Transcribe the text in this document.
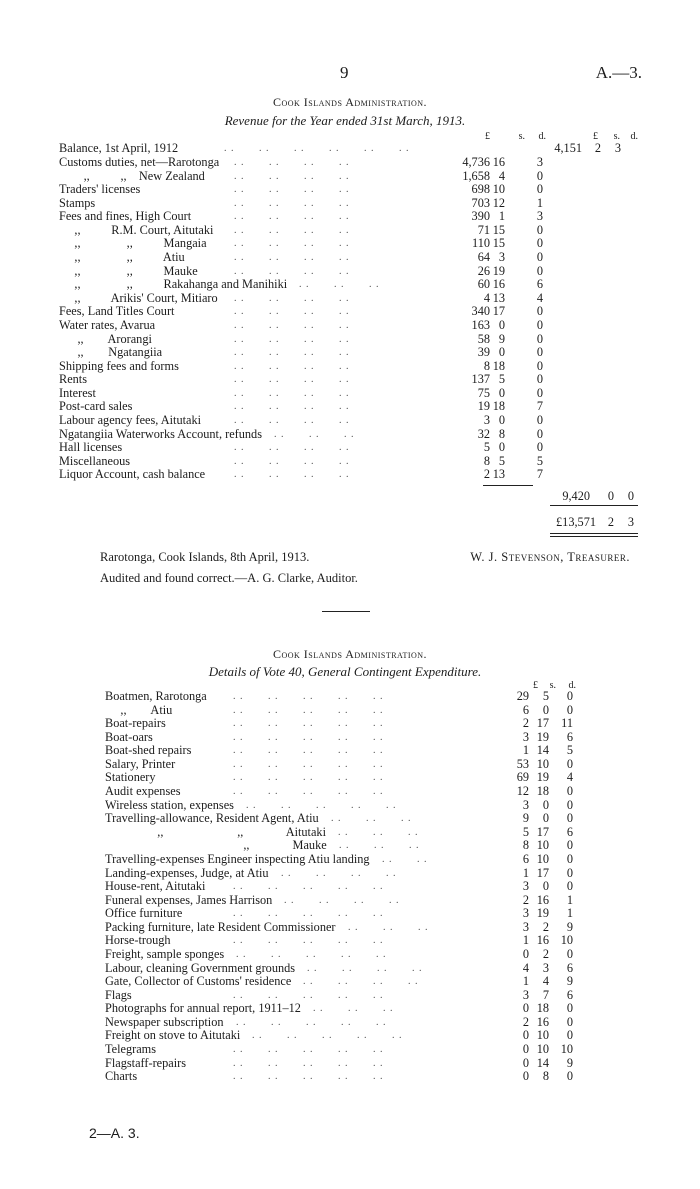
9	A.—3.
Cook Islands Administration.
Revenue for the Year ended 31st March, 1913.
£	s.	d.	£	s.	d.
Balance, 1st April, 1912	. .       . .       . .       . .       . .       . .	4,151	2	3
Customs duties, net—Rarotonga . .       . .       . .       . .	4,736 16	3
,,          ,,    New Zealand	. .       . .       . .       . .	1,658 4	0
Traders' licenses	. .       . .       . .       . .	698 10	0
Stamps	. .       . .       . .       . .	703 12	1
Fees and fines, High Court	. .       . .       . .       . .	390 1	3
,,          R.M. Court, Aitutaki . .       . .       . .       . .	71 15	0
,,               ,,          Mangaia	. .       . .       . .       . .	110 15	0
,,               ,,          Atiu	. .       . .       . .       . .	64 3	0
,,               ,,          Mauke	. .       . .       . .       . .	26 19	0
,,               ,,          Rakahanga and Manihiki . .       . .       . .	60 16	6
,,          Arikis' Court, Mitiaro . .       . .       . .       . .	4 13	4
Fees, Land Titles Court	. .       . .       . .       . .	340 17	0
Water rates, Avarua	. .       . .       . .       . .	163 0	0
,,        Arorangi	. .       . .       . .       . .	58 9	0
,,        Ngatangiia	. .       . .       . .       . .	39 0	0
Shipping fees and forms	. .       . .       . .       . .	8 18	0
Rents	. .       . .       . .       . .	137 5	0
Interest	. .       . .       . .       . .	75 0	0
Post-card sales	. .       . .       . .       . .	19 18	7
Labour agency fees, Aitutaki	. .       . .       . .       . .	3 0	0
Ngatangiia Waterworks Account, refunds . .       . .       . .	32 8	0
Hall licenses	. .       . .       . .       . .	5 0	0
Miscellaneous	. .       . .       . .       . .	8 5	5
Liquor Account, cash balance	. .       . .       . .       . .	2 13	7
9,420	0	0
£13,571 2	3
Rarotonga, Cook Islands, 8th April, 1913.	W. J. Stevenson, Treasurer.
Audited and found correct.—A. G. Clarke, Auditor.
Cook Islands Administration.
Details of Vote 40, General Contingent Expenditure.
£	s.	d.
Boatmen, Rarotonga	. .       . .       . .       . .       . .	29	5	0
,,        Atiu	. .       . .       . .       . .       . .	6	0	0
Boat-repairs	. .       . .       . .       . .       . .	2 17 11
Boat-oars	. .       . .       . .       . .       . .	3 19	6
Boat-shed repairs	. .       . .       . .       . .       . .	1 14	5
Salary, Printer	. .       . .       . .       . .       . .	53 10	0
Stationery	. .       . .       . .       . .       . .	69 19	4
Audit expenses	. .       . .       . .       . .       . .	12 18	0
Wireless station, expenses . .       . .       . .       . .       . .	3	0	0
Travelling-allowance, Resident Agent, Atiu . .       . .       . .	9	0	0
,,                        ,,              Aitutaki . .       . .       . .	5 17	6
,,              Mauke . .       . .       . .	8 10	0
Travelling-expenses Engineer inspecting Atiu landing . .       . .	6 10	0
Landing-expenses, Judge, at Atiu . .       . .       . .       . .	1 17	0
House-rent, Aitutaki	. .       . .       . .       . .       . .	3	0	0
Funeral expenses, James Harrison . .       . .       . .       . .	2 16	1
Office furniture	. .       . .       . .       . .       . .	3 19	1
Packing furniture, late Resident Commissioner . .       . .       . .	3	2	9
Horse-trough	. .       . .       . .       . .       . .	1 16 10
Freight, sample sponges . .       . .       . .       . .       . .	0	2	0
Labour, cleaning Government grounds . .       . .       . .       . .	4	3	6
Gate, Collector of Customs' residence . .       . .       . .       . .	1	4	9
Flags	. .       . .       . .       . .       . .	3	7	6
Photographs for annual report, 1911–12 . .       . .       . .	0 18	0
Newspaper subscription . .       . .       . .       . .       . .	2 16	0
Freight on stove to Aitutaki . .       . .       . .       . .       . .	0 10	0
Telegrams	. .       . .       . .       . .       . .	0 10 10
Flagstaff-repairs	. .       . .       . .       . .       . .	0 14	9
Charts	. .       . .       . .       . .       . .	0	8	0
2—A. 3.
